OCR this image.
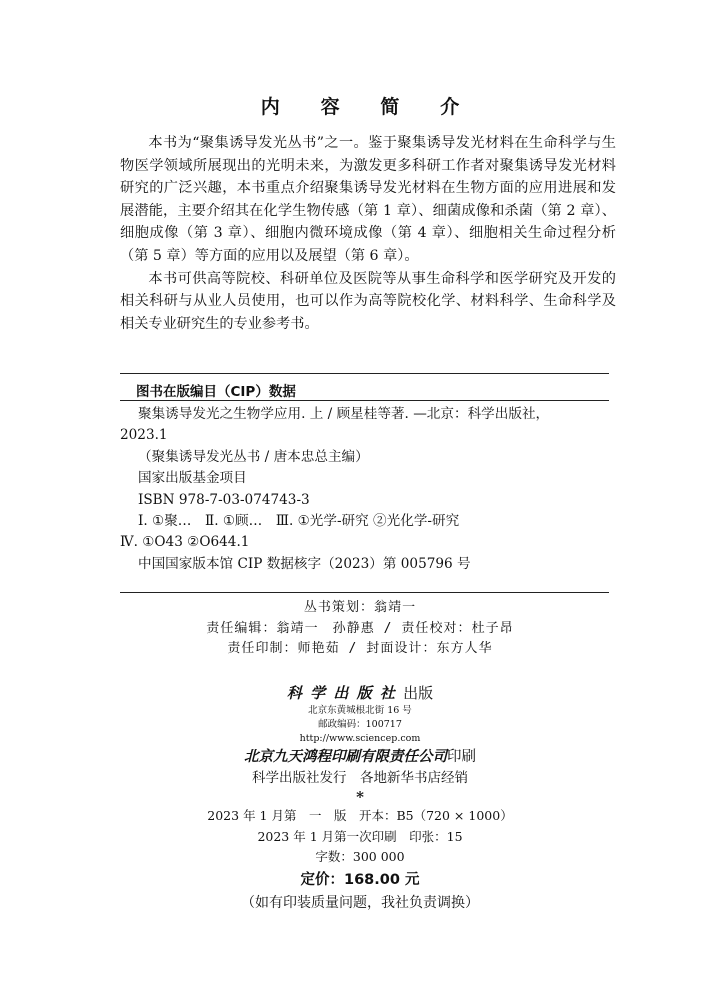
内 容 简 介

本书为“聚集诱导发光丛书”之一。鉴于聚集诱导发光材料在生命科学与生物医学领域所展现出的光明未来，为激发更多科研工作者对聚集诱导发光材料研究的广泛兴趣，本书重点介绍聚集诱导发光材料在生物方面的应用进展和发展潜能，主要介绍其在化学生物传感（第 1 章）、细菌成像和杀菌（第 2 章）、细胞成像（第 3 章）、细胞内微环境成像（第 4 章）、细胞相关生命过程分析（第 5 章）等方面的应用以及展望（第 6 章）。

本书可供高等院校、科研单位及医院等从事生命科学和医学研究及开发的相关科研与从业人员使用，也可以作为高等院校化学、材料科学、生命科学及相关专业研究生的专业参考书。

图书在版编目（CIP）数据
聚集诱导发光之生物学应用. 上 / 顾星桂等著. —北京：科学出版社，
2023.1
（聚集诱导发光丛书 / 唐本忠总主编）
国家出版基金项目
ISBN 978-7-03-074743-3
Ⅰ. ①聚…　Ⅱ. ①顾…　Ⅲ. ①光学-研究 ②光化学-研究
Ⅳ. ①O43 ②O644.1
中国国家版本馆 CIP 数据核字（2023）第 005796 号
丛书策划：翁靖一
责任编辑：翁靖一　孙静惠 / 责任校对：杜子昂
责任印制：师艳茹 / 封面设计：东方人华
科学出版社出版
北京东黄城根北街 16 号
邮政编码：100717
http://www.sciencep.com
北京九天鸿程印刷有限责任公司印刷
科学出版社发行　各地新华书店经销
*
2023 年 1 月第　一　版　开本：B5（720 × 1000）
2023 年 1 月第一次印刷　印张：15
字数：300 000
定价：168.00 元
（如有印装质量问题，我社负责调换）
